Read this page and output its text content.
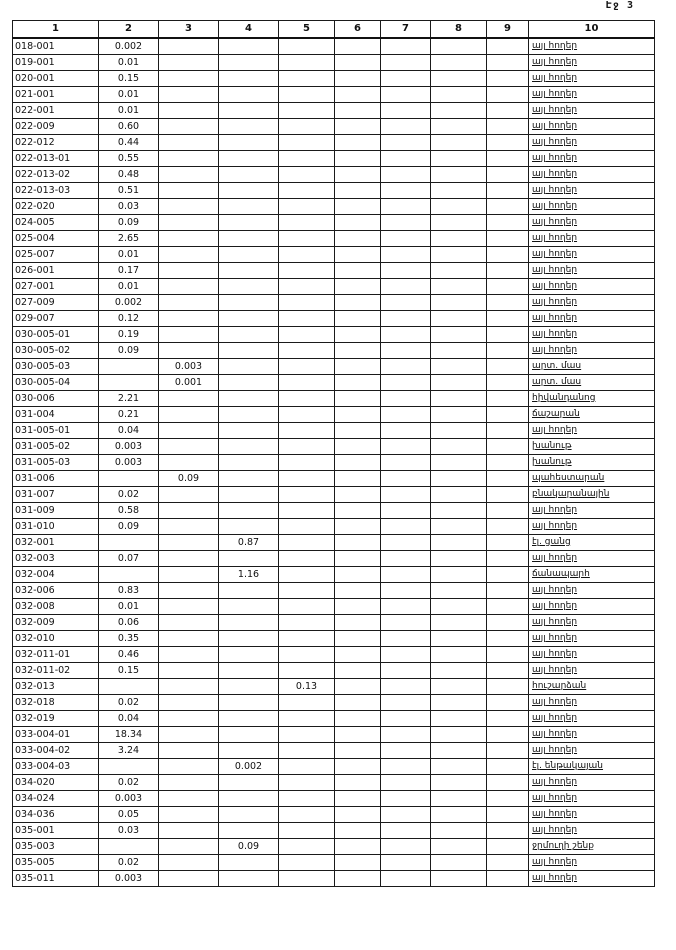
Էջ 3
1	2	3	4	5	6	7	8	9	10
018-001	0.002								այլ հողեր
019-001	0.01								այլ հողեր
020-001	0.15								այլ հողեր
021-001	0.01								այլ հողեր
022-001	0.01								այլ հողեր
022-009	0.60								այլ հողեր
022-012	0.44								այլ հողեր
022-013-01	0.55								այլ հողեր
022-013-02	0.48								այլ հողեր
022-013-03	0.51								այլ հողեր
022-020	0.03								այլ հողեր
024-005	0.09								այլ հողեր
025-004	2.65								այլ հողեր
025-007	0.01								այլ հողեր
026-001	0.17								այլ հողեր
027-001	0.01								այլ հողեր
027-009	0.002								այլ հողեր
029-007	0.12								այլ հողեր
030-005-01	0.19								այլ հողեր
030-005-02	0.09								այլ հողեր
030-005-03		0.003							արտ. մաս
030-005-04		0.001							արտ. մաս
030-006	2.21								հիվանդանոց
031-004	0.21								ճաշարան
031-005-01	0.04								այլ հողեր
031-005-02	0.003								խանութ
031-005-03	0.003								խանութ
031-006		0.09							պահեստարան
031-007	0.02								բնակարանային
031-009	0.58								այլ հողեր
031-010	0.09								այլ հողեր
032-001			0.87						էլ. ցանց
032-003	0.07								այլ հողեր
032-004			1.16						ճանապարհ
032-006	0.83								այլ հողեր
032-008	0.01								այլ հողեր
032-009	0.06								այլ հողեր
032-010	0.35								այլ հողեր
032-011-01	0.46								այլ հողեր
032-011-02	0.15								այլ հողեր
032-013				0.13					հուշարձան
032-018	0.02								այլ հողեր
032-019	0.04								այլ հողեր
033-004-01	18.34								այլ հողեր
033-004-02	3.24								այլ հողեր
033-004-03			0.002						էլ. ենթակայան
034-020	0.02								այլ հողեր
034-024	0.003								այլ հողեր
034-036	0.05								այլ հողեր
035-001	0.03								այլ հողեր
035-003			0.09						ջրմուղի շենք
035-005	0.02								այլ հողեր
035-011	0.003								այլ հողեր
